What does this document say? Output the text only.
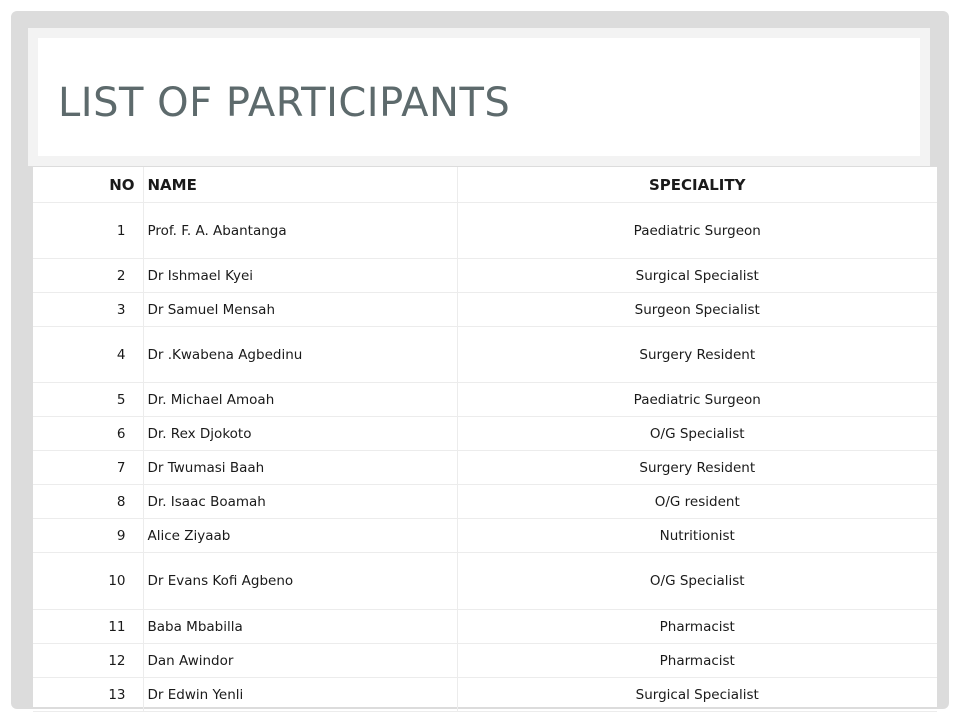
LIST OF PARTICIPANTS
NO	NAME	SPECIALITY
1	Prof. F. A. Abantanga	Paediatric Surgeon
2	Dr Ishmael Kyei	Surgical Specialist
3	Dr Samuel Mensah	Surgeon Specialist
4	Dr .Kwabena Agbedinu	Surgery Resident
5	Dr. Michael Amoah	Paediatric Surgeon
6	Dr. Rex Djokoto	O/G Specialist
7	Dr Twumasi Baah	Surgery Resident
8	Dr. Isaac Boamah	O/G resident
9	Alice Ziyaab	Nutritionist
10	Dr Evans Kofi Agbeno	O/G Specialist
11	Baba Mbabilla	Pharmacist
12	Dan Awindor	Pharmacist
13	Dr Edwin Yenli	Surgical Specialist
